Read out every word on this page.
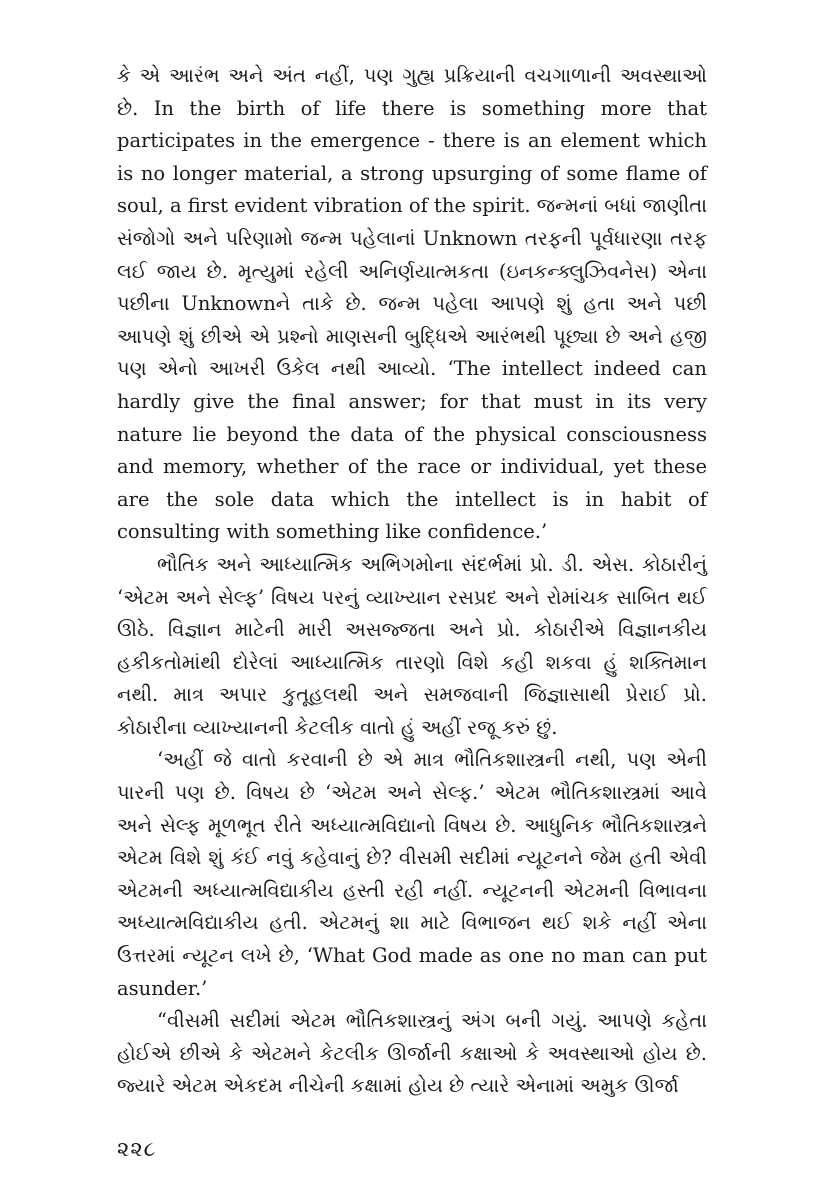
કે એ આરંભ અને અંત નહીં, પણ ગુહ્ય પ્રક્રિયાની વચગાળાની અવસ્થાઓ છે. In the birth of life there is something more that participates in the emergence - there is an element which is no longer material, a strong upsurging of some flame of soul, a first evident vibration of the spirit. જન્મનાં બધાં જાણીતા સંજોગો અને પરિણામો જન્મ પહેલાનાં Unknown તરફની પૂર્વધારણા તરફ લઈ જાય છે. મૃત્યુમાં રહેલી અનિર્ણયાત્મકતા (ઇનકન્ક્લુઝિવનેસ) એના પછીના Unknownને તાકે છે. જન્મ પહેલા આપણે શું હતા અને પછી આપણે શું છીએ એ પ્રશ્નો માણસની બુદ્ધિએ આરંભથી પૂછ્યા છે અને હજી પણ એનો આખરી ઉકેલ નથી આવ્યો. ‘The intellect indeed can hardly give the final answer; for that must in its very nature lie beyond the data of the physical consciousness and memory, whether of the race or individual, yet these are the sole data which the intellect is in habit of consulting with something like confidence.’

ભૌતિક અને આધ્યાત્મિક અભિગમોના સંદર્ભમાં પ્રો. ડી. એસ. કોઠારીનું ‘એટમ અને સેલ્ફ’ વિષય પરનું વ્યાખ્યાન રસપ્રદ અને રોમાંચક સાબિત થઈ ઊઠે. વિજ્ઞાન માટેની મારી અસજ્જતા અને પ્રો. કોઠારીએ વિજ્ઞાનકીય હકીકતોમાંથી દોરેલાં આધ્યાત્મિક તારણો વિશે કહી શકવા હું શક્તિમાન નથી. માત્ર અપાર કુતૂહલથી અને સમજવાની જિજ્ઞાસાથી પ્રેરાઈ પ્રો. કોઠારીના વ્યાખ્યાનની કેટલીક વાતો હું અહીં રજૂ કરું છું.

‘અહીં જે વાતો કરવાની છે એ માત્ર ભૌતિકશાસ્ત્રની નથી, પણ એની પારની પણ છે. વિષય છે ‘એટમ અને સેલ્ફ.’ એટમ ભૌતિકશાસ્ત્રમાં આવે અને સેલ્ફ મૂળભૂત રીતે અધ્યાત્મવિદ્યાનો વિષય છે. આધુનિક ભૌતિકશાસ્ત્રને એટમ વિશે શું કંઈ નવું કહેવાનું છે? વીસમી સદીમાં ન્યૂટનને જેમ હતી એવી એટમની અધ્યાત્મવિદ્યાકીય હસ્તી રહી નહીં. ન્યૂટનની એટમની વિભાવના અધ્યાત્મવિદ્યાકીય હતી. એટમનું શા માટે વિભાજન થઈ શકે નહીં એના ઉત્તરમાં ન્યૂટન લખે છે, ‘What God made as one no man can put asunder.’

“વીસમી સદીમાં એટમ ભૌતિકશાસ્ત્રનું અંગ બની ગયું. આપણે કહેતા હોઈએ છીએ કે એટમને કેટલીક ઊર્જાની કક્ષાઓ કે અવસ્થાઓ હોય છે. જ્યારે એટમ એકદમ નીચેની કક્ષામાં હોય છે ત્યારે એનામાં અમુક ઊર્જા

૨૨૮
